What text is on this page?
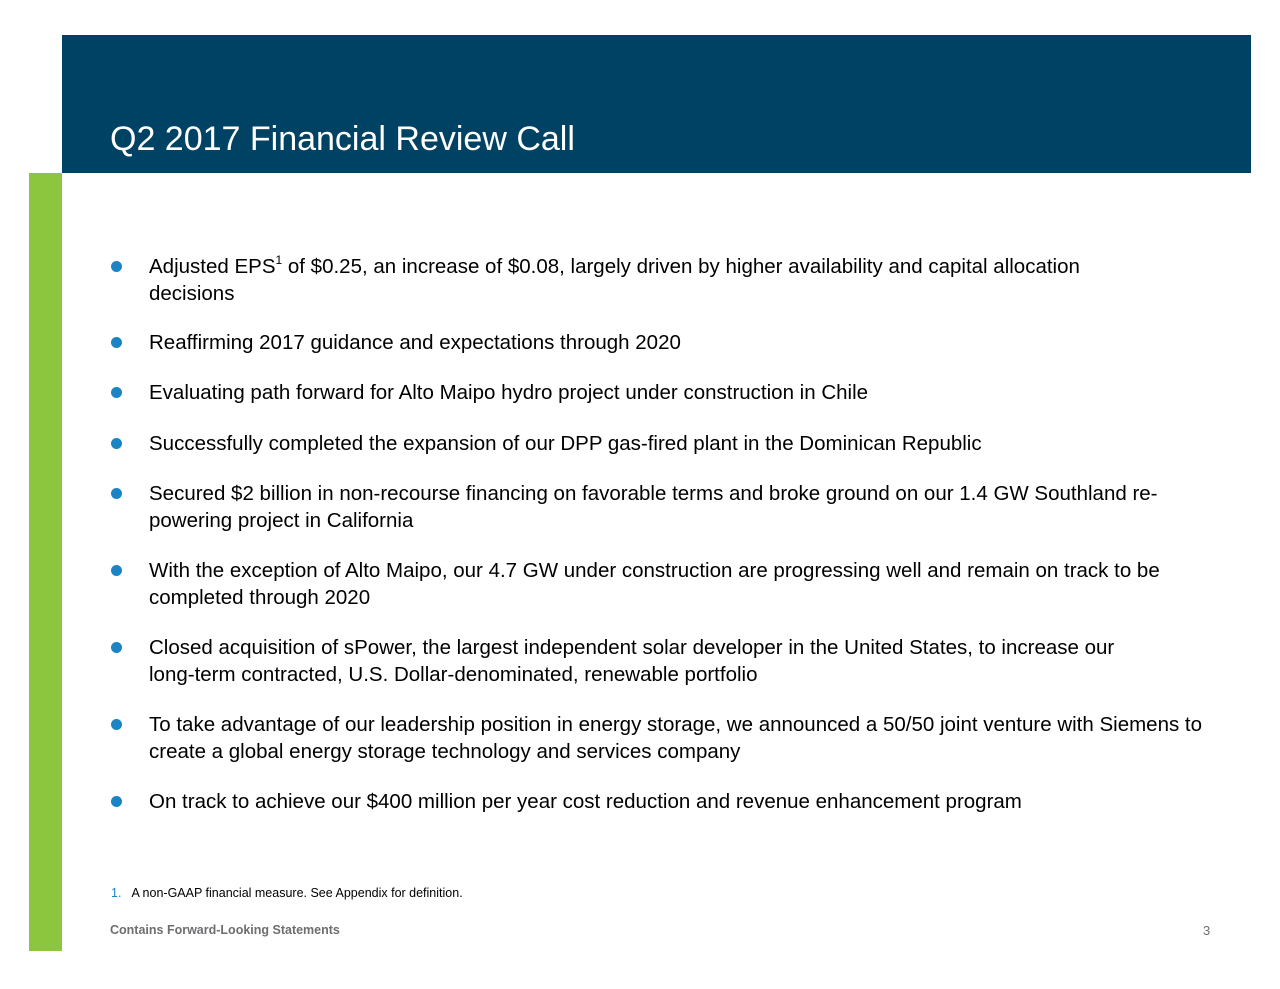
Q2 2017 Financial Review Call
Adjusted EPS$^1$ of $0.25, an increase of $0.08, largely driven by higher availability and capital allocation decisions
Reaffirming 2017 guidance and expectations through 2020
Evaluating path forward for Alto Maipo hydro project under construction in Chile
Successfully completed the expansion of our DPP gas-fired plant in the Dominican Republic
Secured $2 billion in non-recourse financing on favorable terms and broke ground on our 1.4 GW Southland re-powering project in California
With the exception of Alto Maipo, our 4.7 GW under construction are progressing well and remain on track to be completed through 2020
Closed acquisition of sPower, the largest independent solar developer in the United States, to increase our long-term contracted, U.S. Dollar-denominated, renewable portfolio
To take advantage of our leadership position in energy storage, we announced a 50/50 joint venture with Siemens to create a global energy storage technology and services company
On track to achieve our $400 million per year cost reduction and revenue enhancement program
1. A non-GAAP financial measure. See Appendix for definition.
Contains Forward-Looking Statements	3
